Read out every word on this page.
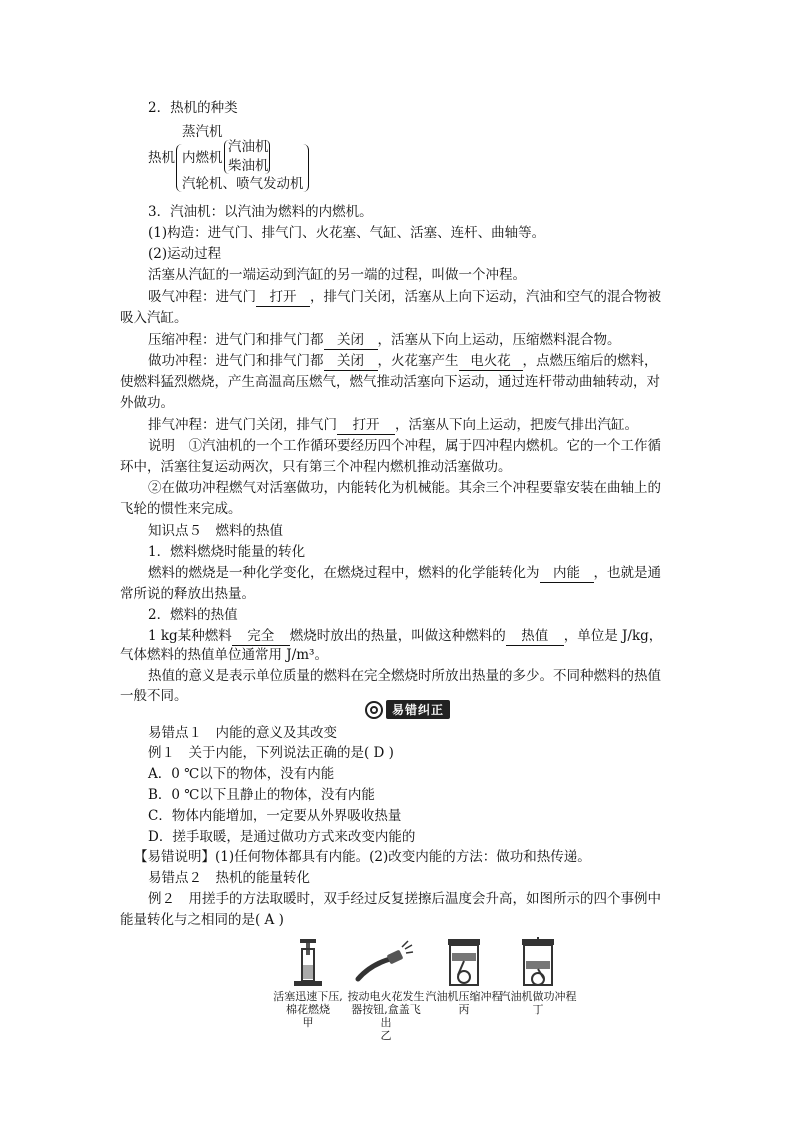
2．热机的种类
热机
蒸汽机
内燃机
汽油机
柴油机
汽轮机、喷气发动机
3．汽油机：以汽油为燃料的内燃机。
(1)构造：进气门、排气门、火花塞、气缸、活塞、连杆、曲轴等。
(2)运动过程
活塞从汽缸的一端运动到汽缸的另一端的过程，叫做一个冲程。
吸气冲程：进气门 打开 ，排气门关闭，活塞从上向下运动，汽油和空气的混合物被
吸入汽缸。
压缩冲程：进气门和排气门都 关闭 ，活塞从下向上运动，压缩燃料混合物。
做功冲程：进气门和排气门都 关闭 ，火花塞产生 电火花 ，点燃压缩后的燃料，
使燃料猛烈燃烧，产生高温高压燃气，燃气推动活塞向下运动，通过连杆带动曲轴转动，对
外做功。
排气冲程：进气门关闭，排气门 打开 ，活塞从下向上运动，把废气排出汽缸。
说明　①汽油机的一个工作循环要经历四个冲程，属于四冲程内燃机。它的一个工作循
环中，活塞往复运动两次，只有第三个冲程内燃机推动活塞做功。
②在做功冲程燃气对活塞做功，内能转化为机械能。其余三个冲程要靠安装在曲轴上的
飞轮的惯性来完成。
知识点５　燃料的热值
1．燃料燃烧时能量的转化
燃料的燃烧是一种化学变化，在燃烧过程中，燃料的化学能转化为 内能 ，也就是通
常所说的释放出热量。
2．燃料的热值
1 kg某种燃料 完全 燃烧时放出的热量，叫做这种燃料的 热值 ，单位是 J/kg，
气体燃料的热值单位通常用 J/m³。
热值的意义是表示单位质量的燃料在完全燃烧时所放出热量的多少。不同种燃料的热值
一般不同。
易错纠正
易错点１　内能的意义及其改变
例１　关于内能，下列说法正确的是( D )
A．0 ℃以下的物体，没有内能
B．0 ℃以下且静止的物体，没有内能
C．物体内能增加，一定要从外界吸收热量
D．搓手取暖，是通过做功方式来改变内能的
【易错说明】(1)任何物体都具有内能。(2)改变内能的方法：做功和热传递。
易错点２　热机的能量转化
例２　用搓手的方法取暖时，双手经过反复搓擦后温度会升高，如图所示的四个事例中
能量转化与之相同的是( A )
活塞迅速下压,棉花燃烧
甲
按动电火花发生器按钮,盒盖飞出
乙
汽油机压缩冲程
丙
汽油机做功冲程
丁
